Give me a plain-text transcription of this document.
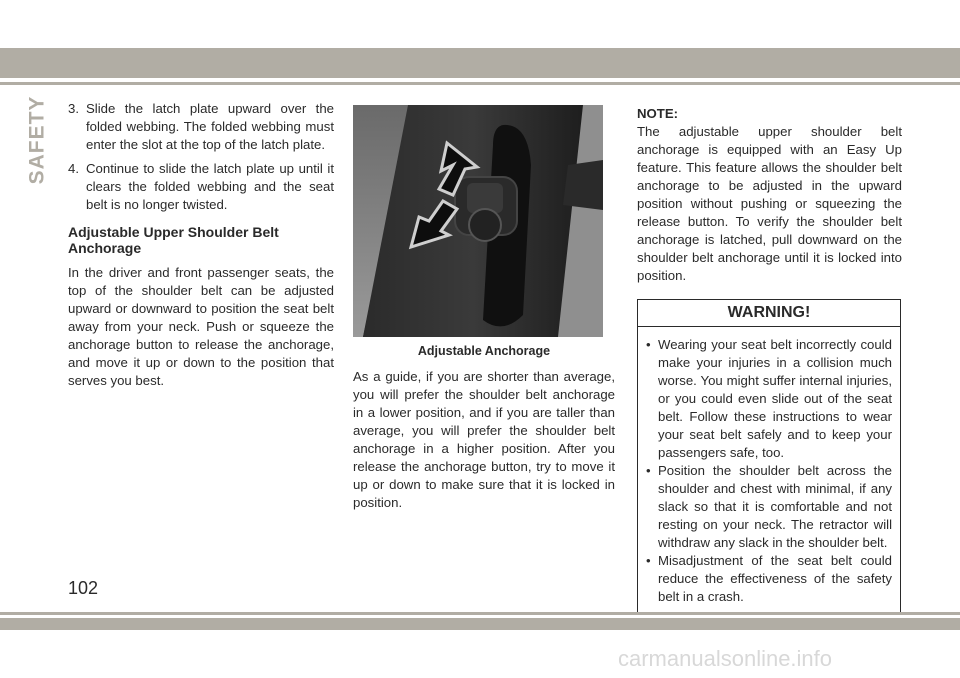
SAFETY 3. Slide the latch plate upward over the folded webbing. The folded webbing must enter the slot at the top of the latch plate.
4. Continue to slide the latch plate up until it clears the folded webbing and the seat belt is no longer twisted.
Adjustable Upper Shoulder Belt Anchorage

In the driver and front passenger seats, the top of the shoulder belt can be adjusted upward or downward to position the seat belt away from your neck. Push or squeeze the anchorage button to release the anchorage, and move it up or down to the position that serves you best.

Adjustable Anchorage

As a guide, if you are shorter than average, you will prefer the shoulder belt anchorage in a lower position, and if you are taller than average, you will prefer the shoulder belt anchorage in a higher position. After you release the anchorage button, try to move it up or down to make sure that it is locked in position.

NOTE:

The adjustable upper shoulder belt anchorage is equipped with an Easy Up feature. This feature allows the shoulder belt anchorage to be adjusted in the upward position without pushing or squeezing the release button. To verify the shoulder belt anchorage is latched, pull downward on the shoulder belt anchorage until it is locked into position.

WARNING!
• Wearing your seat belt incorrectly could make your injuries in a collision much worse. You might suffer internal injuries, or you could even slide out of the seat belt. Follow these instructions to wear your seat belt safely and to keep your passengers safe, too.
• Position the shoulder belt across the shoulder and chest with minimal, if any slack so that it is comfortable and not resting on your neck. The retractor will withdraw any slack in the shoulder belt.
• Misadjustment of the seat belt could reduce the effectiveness of the safety belt in a crash.
102
carmanualsonline.info
